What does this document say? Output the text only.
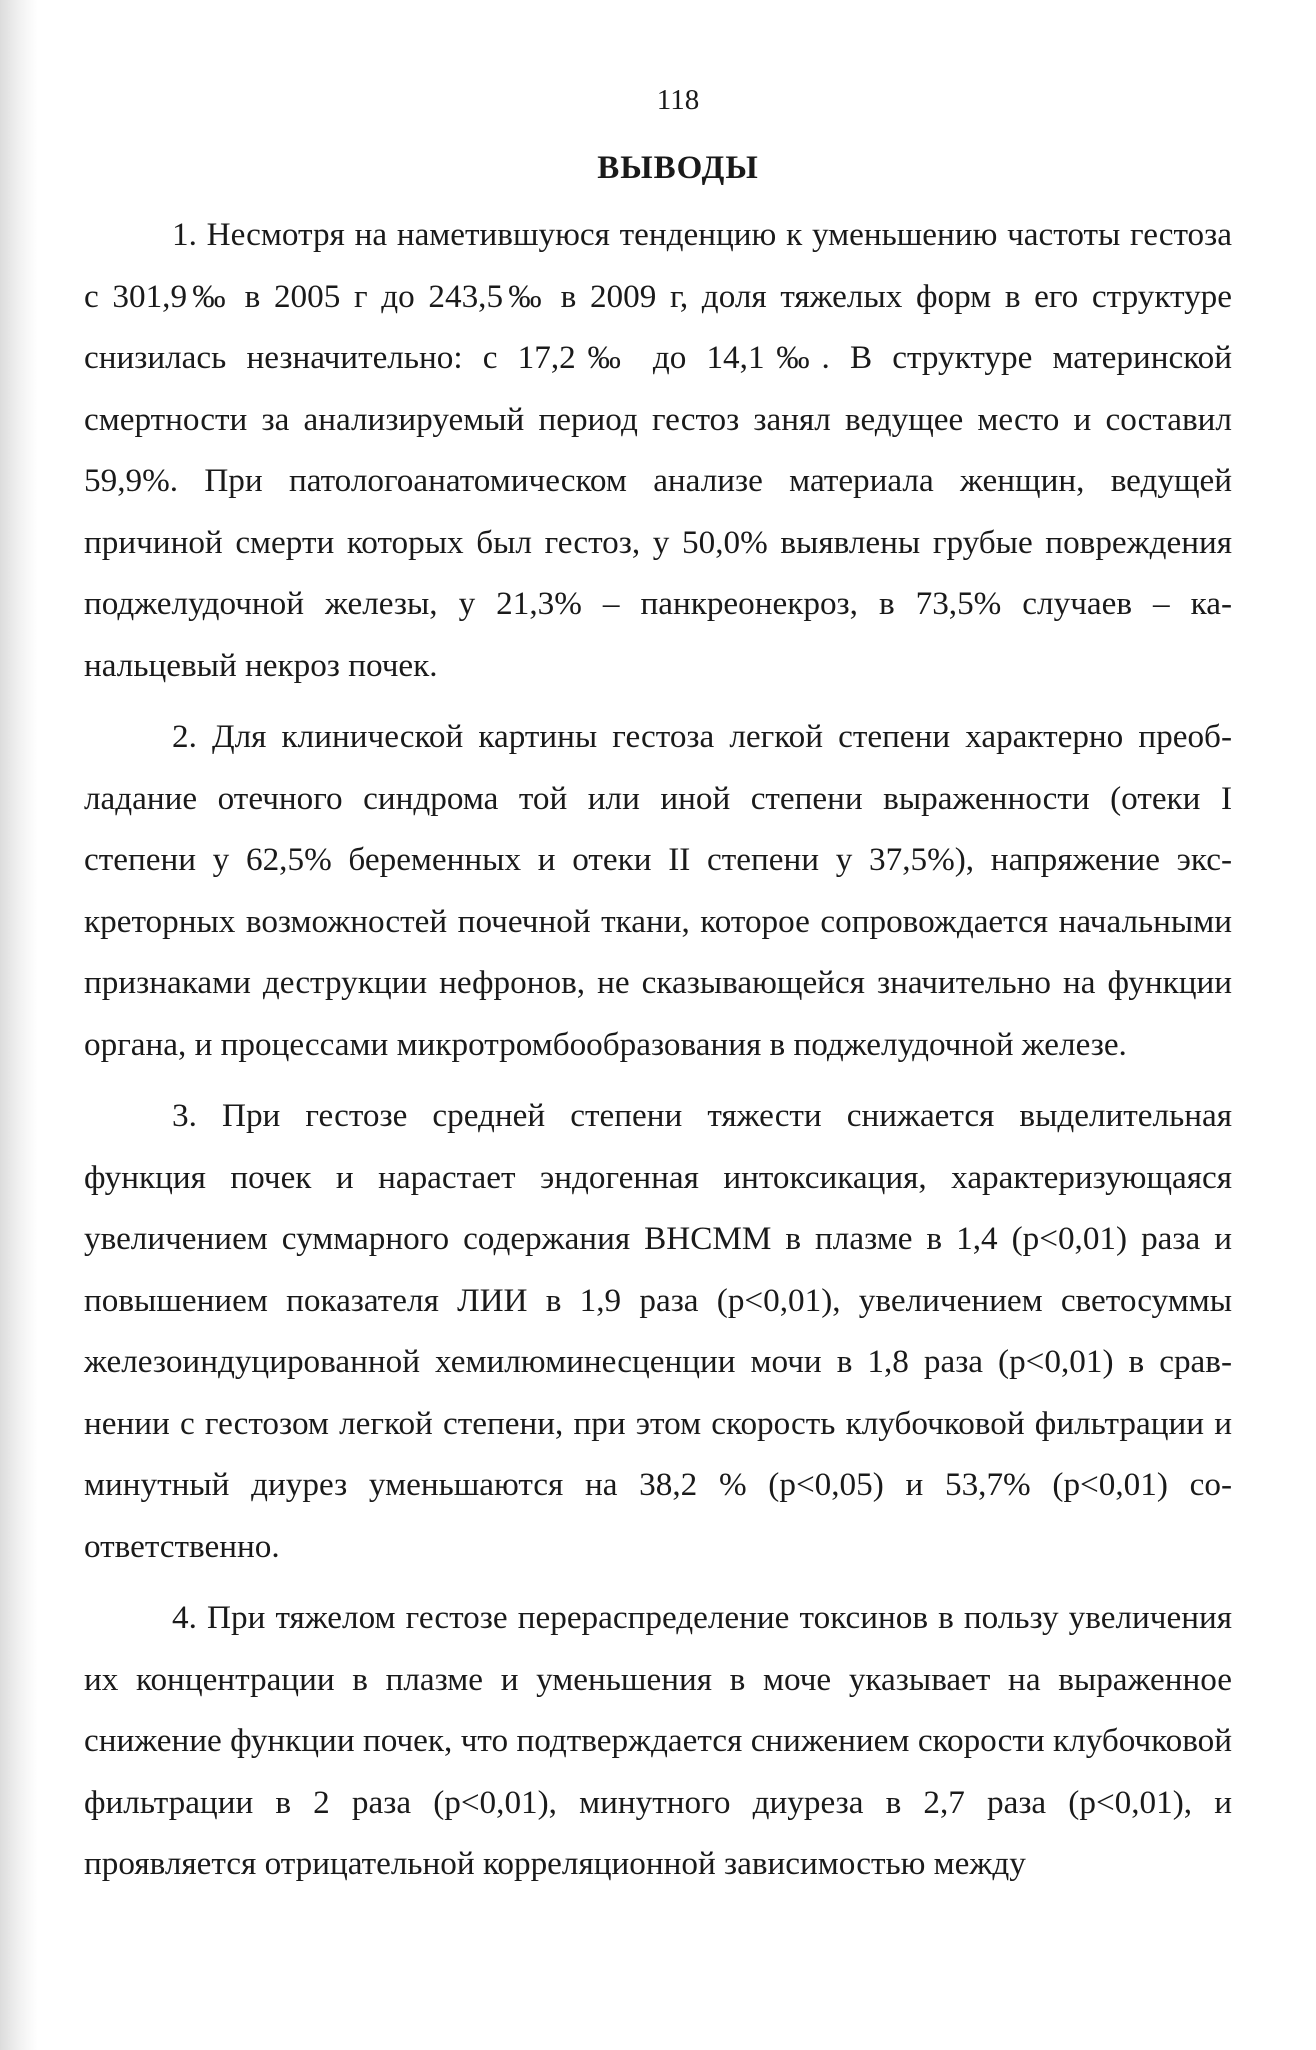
118
ВЫВОДЫ

1. Несмотря на наметившуюся тенденцию к уменьшению частоты гестоза с 301,9‰ в 2005 г до 243,5‰ в 2009 г, доля тяжелых форм в его структуре снизилась незначительно: с 17,2‰ до 14,1‰. В структуре материнской смертности за анализируемый период гестоз занял ведущее место и составил 59,9%. При патологоанатомическом анализе материала женщин, ведущей причиной смерти которых был гестоз, у 50,0% выявлены грубые повреждения поджелудочной железы, у 21,3% – панкреонекроз, в 73,5% случаев – канальцевый некроз почек.

2. Для клинической картины гестоза легкой степени характерно преобладание отечного синдрома той или иной степени выраженности (отеки I степени у 62,5% беременных и отеки II степени у 37,5%), напряжение экскреторных возможностей почечной ткани, которое сопровождается начальными признаками деструкции нефронов, не сказывающейся значительно на функции органа, и процессами микротромбообразования в поджелудочной железе.

3. При гестозе средней степени тяжести снижается выделительная функция почек и нарастает эндогенная интоксикация, характеризующаяся увеличением суммарного содержания ВНСММ в плазме в 1,4 (p<0,01) раза и повышением показателя ЛИИ в 1,9 раза (p<0,01), увеличением светосуммы железоиндуцированной хемилюминесценции мочи в 1,8 раза (p<0,01) в сравнении с гестозом легкой степени, при этом скорость клубочковой фильтрации и минутный диурез уменьшаются на 38,2 % (p<0,05) и 53,7% (p<0,01) соответственно.

4. При тяжелом гестозе перераспределение токсинов в пользу увеличения их концентрации в плазме и уменьшения в моче указывает на выраженное снижение функции почек, что подтверждается снижением скорости клубочковой фильтрации в 2 раза (p<0,01), минутного диуреза в 2,7 раза (p<0,01), и проявляется отрицательной корреляционной зависимостью между
